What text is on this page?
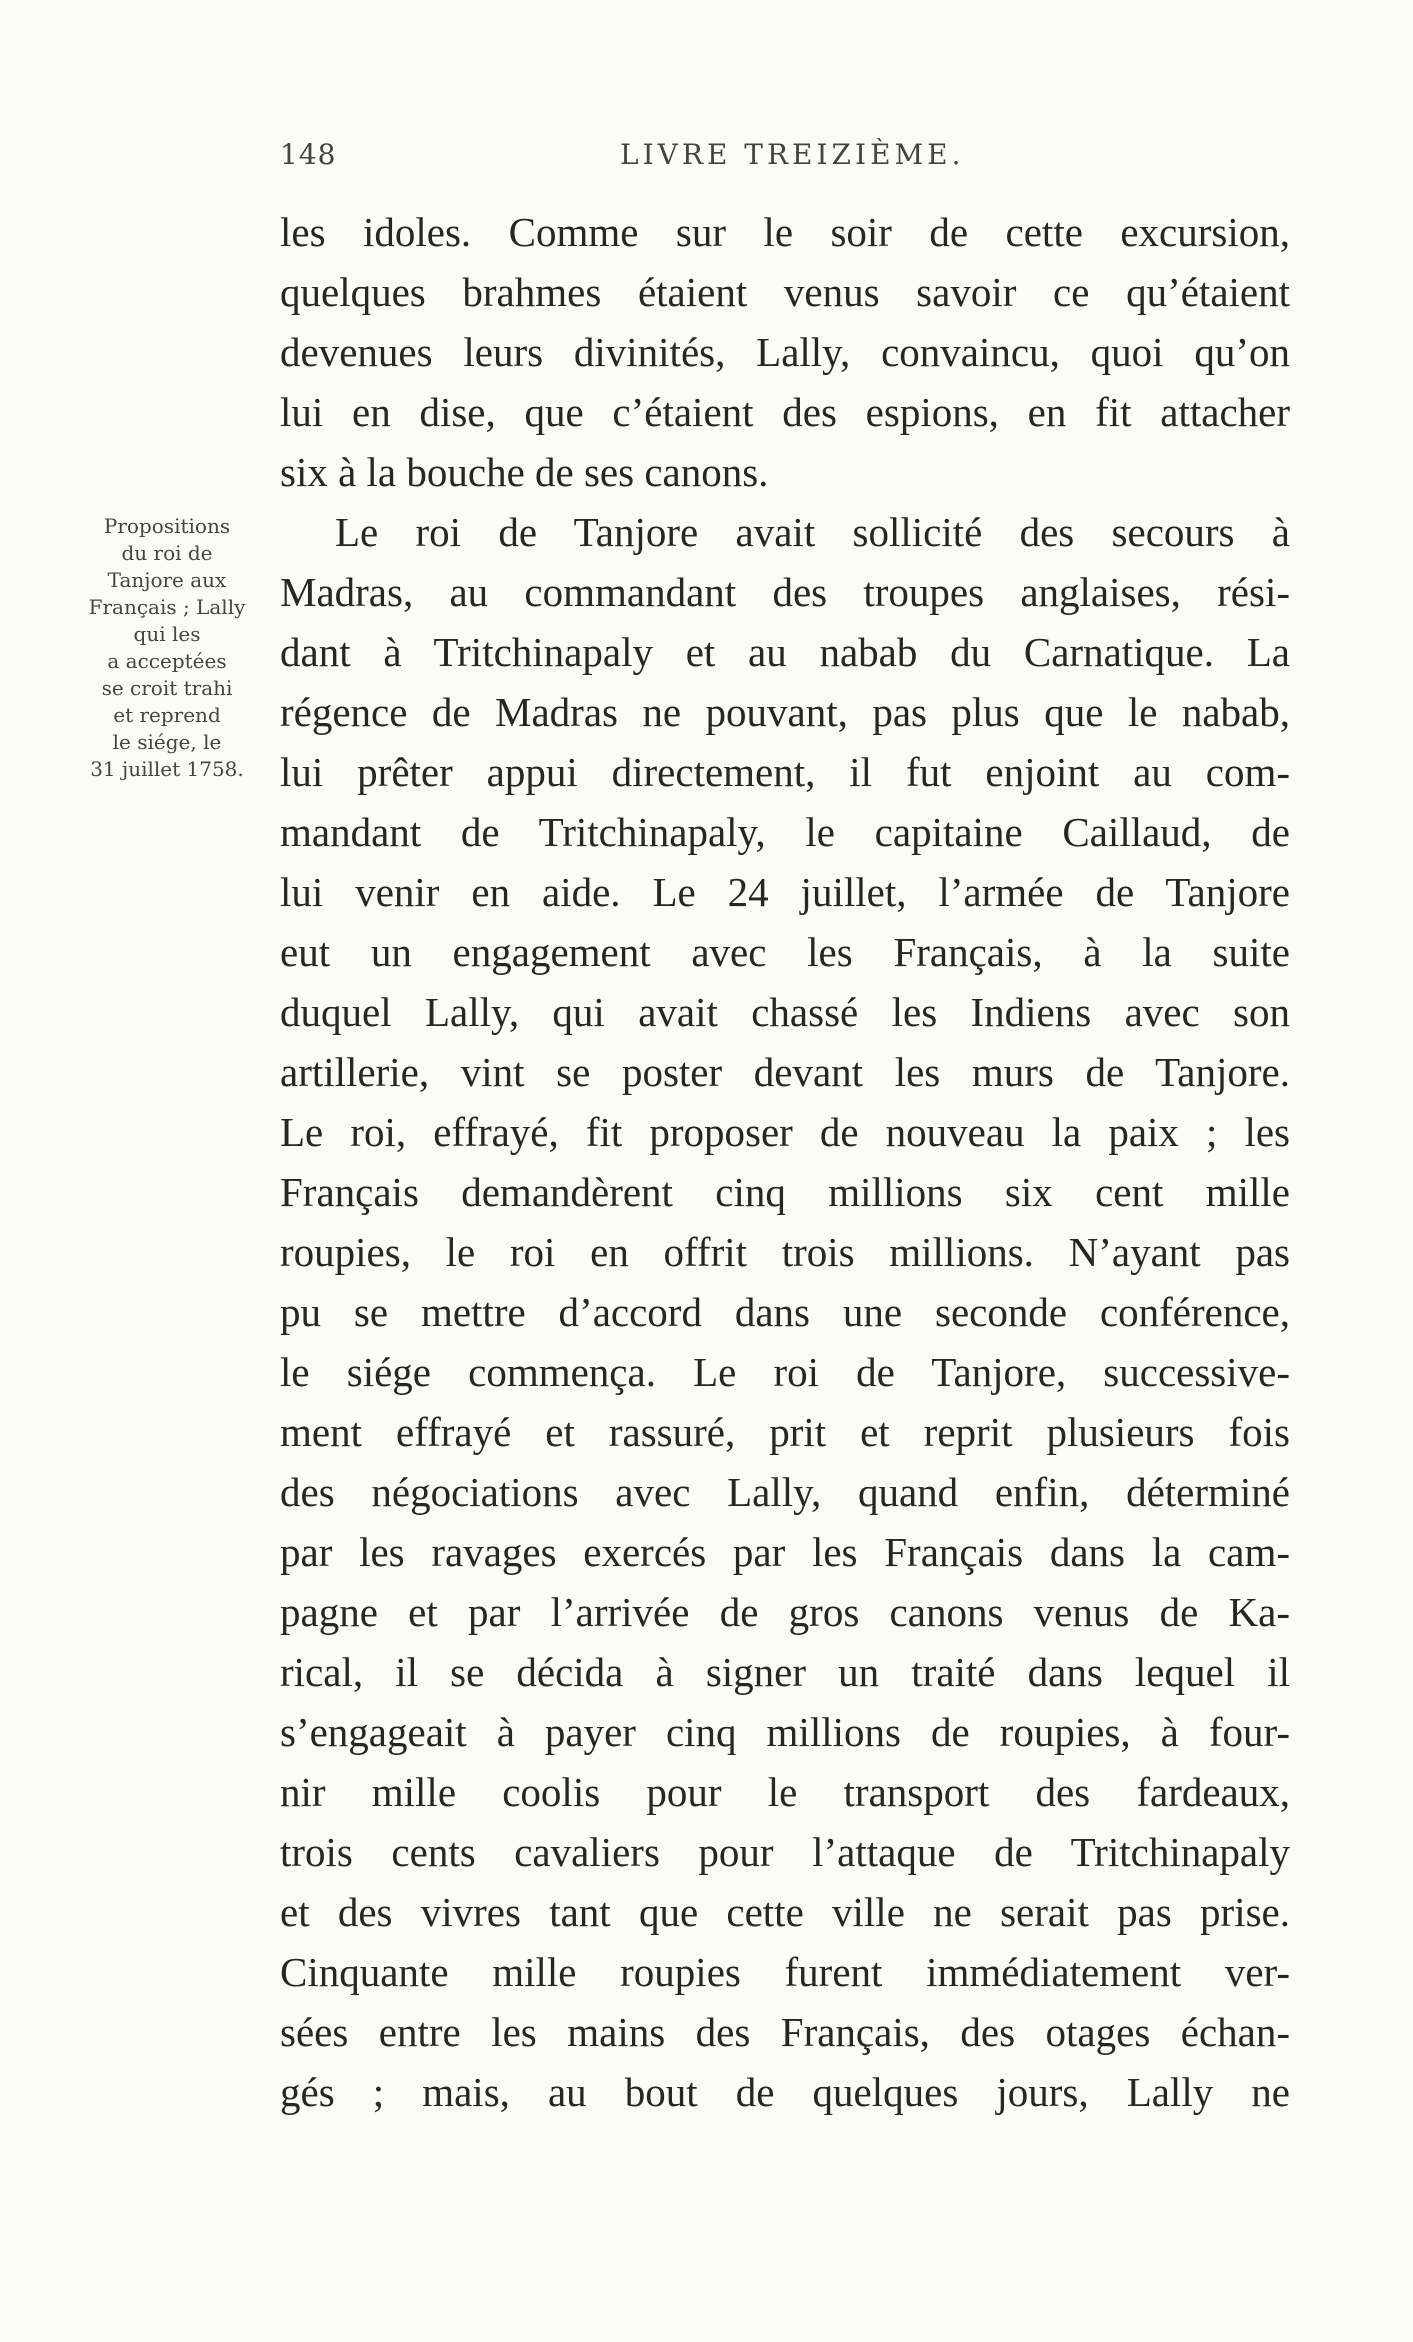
148	LIVRE TREIZIÈME.
Propositions
du roi de
Tanjore aux
Français ; Lally
qui les
a acceptées
se croit trahi
et reprend
le siége, le
31 juillet 1758.
les idoles. Comme sur le soir de cette excursion,
quelques brahmes étaient venus savoir ce qu’étaient
devenues leurs divinités, Lally, convaincu, quoi qu’on
lui en dise, que c’étaient des espions, en fit attacher
six à la bouche de ses canons.
Le roi de Tanjore avait sollicité des secours à
Madras, au commandant des troupes anglaises, rési-
dant à Tritchinapaly et au nabab du Carnatique. La
régence de Madras ne pouvant, pas plus que le nabab,
lui prêter appui directement, il fut enjoint au com-
mandant de Tritchinapaly, le capitaine Caillaud, de
lui venir en aide. Le 24 juillet, l’armée de Tanjore
eut un engagement avec les Français, à la suite
duquel Lally, qui avait chassé les Indiens avec son
artillerie, vint se poster devant les murs de Tanjore.
Le roi, effrayé, fit proposer de nouveau la paix ; les
Français demandèrent cinq millions six cent mille
roupies, le roi en offrit trois millions. N’ayant pas
pu se mettre d’accord dans une seconde conférence,
le siége commença. Le roi de Tanjore, successive-
ment effrayé et rassuré, prit et reprit plusieurs fois
des négociations avec Lally, quand enfin, déterminé
par les ravages exercés par les Français dans la cam-
pagne et par l’arrivée de gros canons venus de Ka-
rical, il se décida à signer un traité dans lequel il
s’engageait à payer cinq millions de roupies, à four-
nir mille coolis pour le transport des fardeaux,
trois cents cavaliers pour l’attaque de Tritchinapaly
et des vivres tant que cette ville ne serait pas prise.
Cinquante mille roupies furent immédiatement ver-
sées entre les mains des Français, des otages échan-
gés ; mais, au bout de quelques jours, Lally ne
